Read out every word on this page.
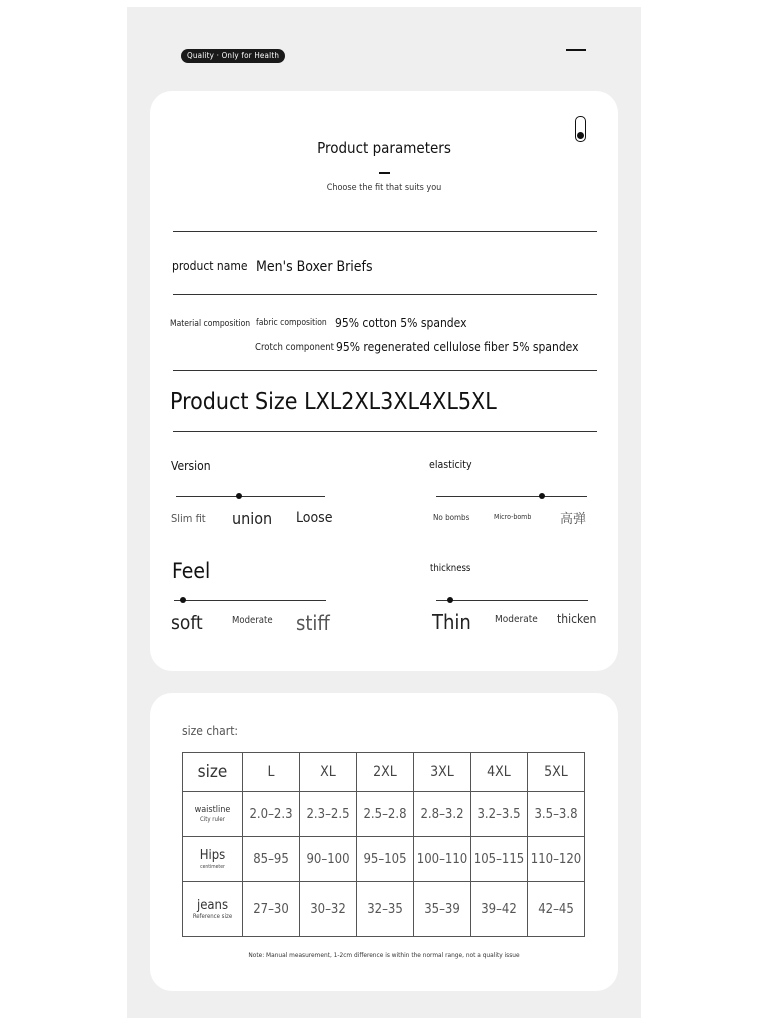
Quality · Only for Health
Product parameters
Choose the fit that suits you
product name Men's Boxer Briefs
Material composition fabric composition 95% cotton 5% spandex
Crotch component 95% regenerated cellulose fiber 5% spandex
Product Size LXL2XL3XL4XL5XL
Version
Slim fit union Loose
elasticity
No bombs	Micro-bomb 高弹
Feel
soft	Moderate stiff
thickness
Thin Moderate thicken
size chart:
size	L	XL	2XL	3XL	4XL	5XL

waistline
City ruler	2.0–2.3	2.3–2.5	2.5–2.8	2.8–3.2	3.2–3.5	3.5–3.8

Hips
centimeter	85–95	90–100	95–105	100–110	105–115	110–120

jeans
Reference size	27–30	30–32	32–35	35–39	39–42	42–45
Note: Manual measurement, 1-2cm difference is within the normal range, not a quality issue
